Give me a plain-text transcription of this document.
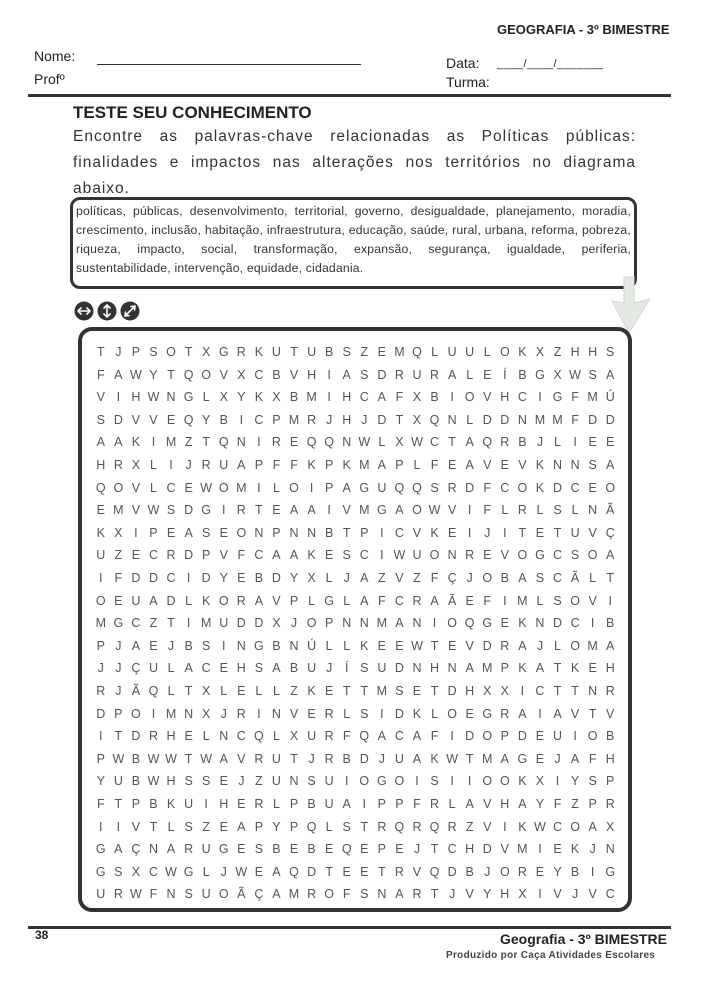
GEOGRAFIA - 3º BIMESTRE
Nome:
Profº
Data: ____/____/_______
Turma:
TESTE SEU CONHECIMENTO

Encontre as palavras-chave relacionadas as Políticas públicas: finalidades e impactos nas alterações nos territórios no diagrama abaixo.

políticas, públicas, desenvolvimento, territorial, governo, desigualdade, planejamento, moradia, crescimento, inclusão, habitação, infraestrutura, educação, saúde, rural, urbana, reforma, pobreza, riqueza, impacto, social, transformação, expansão, segurança, igualdade, periferia, sustentabilidade, intervenção, equidade, cidadania.

T J P S O T X G R K U T U B S Z E M Q L U U L O K X Z H H S
F A W Y T Q O V X C B V H I A S D R U R A L E Í B G X W S A
V I H W N G L X Y K X B M I H C A F X B I O V H C I G F M Ú
S D V V E Q Y B I C P M R J H J D T X Q N L D D N M M F D D
A A K I M Z T Q N I R E Q Q N W L X W C T A Q R B J L I E E
H R X L I	J R U A P F F K P K M A P L F E A V E V K N N S A
Q O V L C E W O M I L O I P A G U Q Q S R D F C O K D C E O
E M V W S D G I R T E A A I V M G A O W V I F L R L S L N Ã
K X I P E A S E O N P N N B T P I C V K E I	J	I T E T U V Ç
U Z E C R D P V F C A A K E S C I W U O N R E V O G C S O A
I F D D C I D Y E B D Y X L J A Z V Z F Ç J O B A S C Ã L T
O E U A D L K O R A V P L G L A F C R A Ã E F I M L S O V I
M G C Z T I M U D D X J O P N N M A N I O Q G E K N D C I B
P J A E J B S I N G B N Ú L L K E E W T E V D R A J L O M A
J J Ç U L A C E H S A B U J	Í S U D N H N A M P K A T K E H
R J Ã Q L T X L E L L Z K E T T M S E T D H X X I C T T N R
D P O I M N X J R I N V E R L S I D K L O E G R A I A V T V
I T D R H E L N C Q L X U R F Q A C A F I D O P D E U I O B
P W B W W T W A V R U T J R B D J U A K W T M A G E J A F H
Y U B W H S S E J Z U N S U I O G O I S I	I O O K X I Y S P
F T P B K U I H E R L P B U A I P P F R L A V H A Y F Z P R
I	I V T L S Z E A P Y P Q L S T R Q R Q R Z V I K W C O A X
G A Ç N A R U G E S B E B E Q E P E J T C H D V M I E K J N
G S X C W G L J W E A Q D T E E T R V Q D B J O R E Y B I G
U R W F N S U O Ã Ç A M R O F S N A R T J V Y H X I V J V C
38	Geografia - 3º BIMESTRE
Produzido por Caça Atividades Escolares
